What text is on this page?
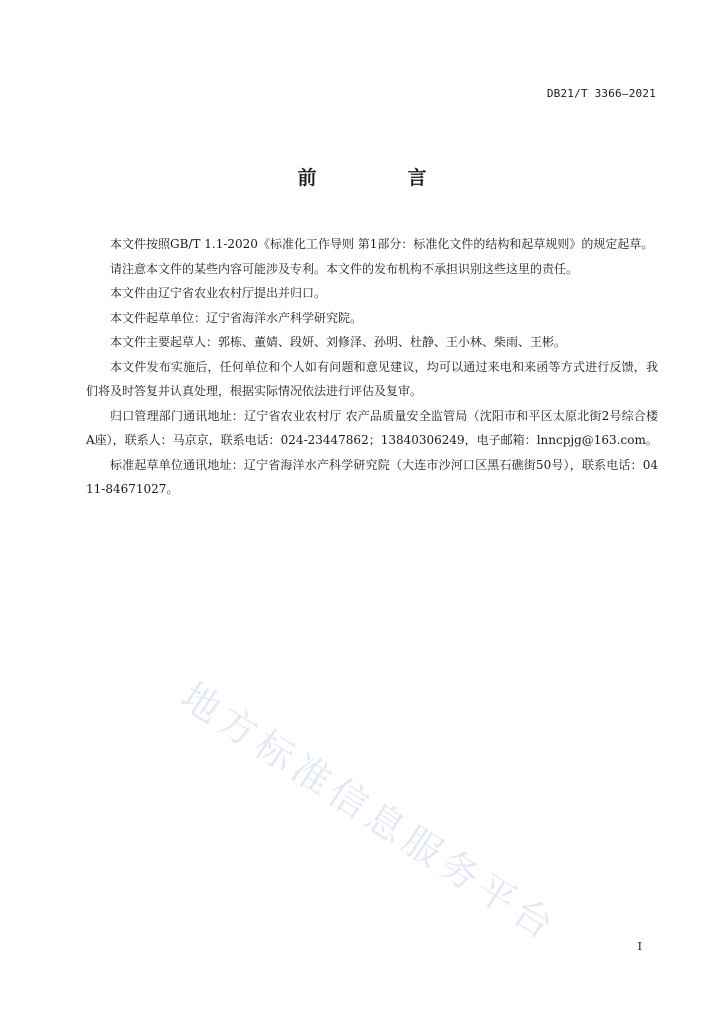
DB21/T 3366—2021
前　言

本文件按照GB/T 1.1-2020《标准化工作导则 第1部分：标准化文件的结构和起草规则》的规定起草。

请注意本文件的某些内容可能涉及专利。本文件的发布机构不承担识别这些这里的责任。

本文件由辽宁省农业农村厅提出并归口。

本文件起草单位：辽宁省海洋水产科学研究院。

本文件主要起草人：郭栋、董婧、段妍、刘修泽、孙明、杜静、王小林、柴雨、王彬。

本文件发布实施后，任何单位和个人如有问题和意见建议，均可以通过来电和来函等方式进行反馈，我们将及时答复并认真处理，根据实际情况依法进行评估及复审。

归口管理部门通讯地址：辽宁省农业农村厅 农产品质量安全监管局（沈阳市和平区太原北街2号综合楼A座），联系人：马京京，联系电话：024-23447862；13840306249，电子邮箱：lnncpjg@163.com。

标准起草单位通讯地址：辽宁省海洋水产科学研究院（大连市沙河口区黑石礁街50号），联系电话：0411-84671027。

地方标准信息服务平台	I
